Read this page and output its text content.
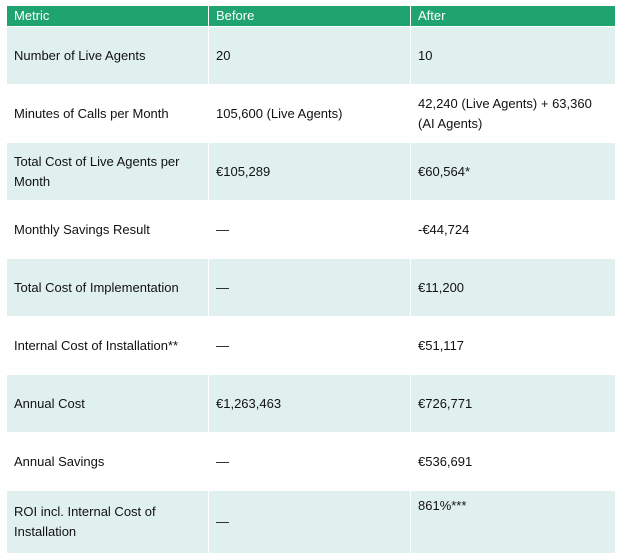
Metric	Before	After
Number of Live Agents	20	10
Minutes of Calls per Month	105,600 (Live Agents)	42,240 (Live Agents) + 63,360 (AI Agents)
Total Cost of Live Agents per Month	€105,289	€60,564*
Monthly Savings Result	—	-€44,724
Total Cost of Implementation	—	€11,200
Internal Cost of Installation**	—	€51,117
Annual Cost	€1,263,463	€726,771
Annual Savings	—	€536,691
ROI incl. Internal Cost of Installation	—	861%***
